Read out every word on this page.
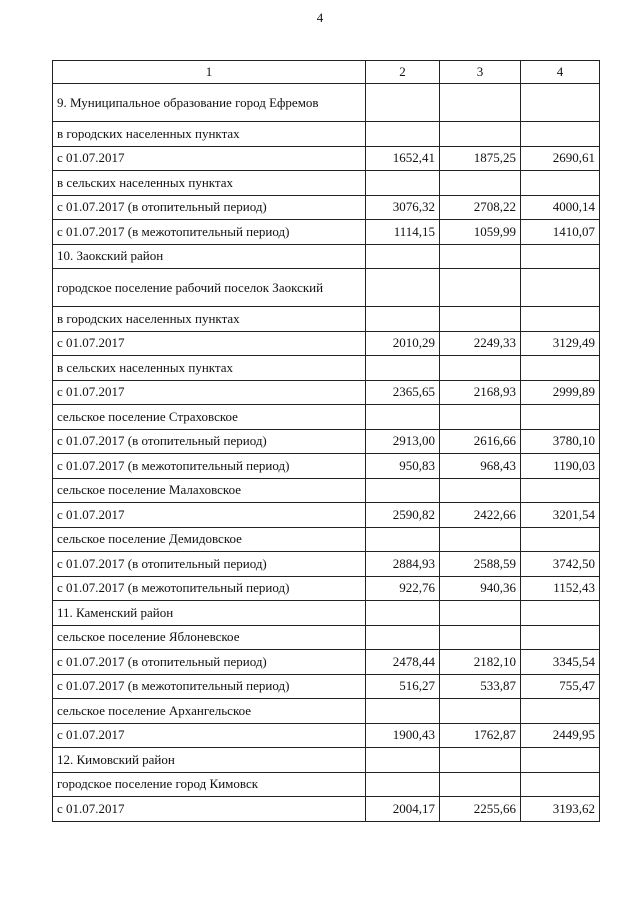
4
1	2	3	4
9. Муниципальное образование город Ефремов			
в городских населенных пунктах			
с 01.07.2017	1652,41	1875,25	2690,61
в сельских населенных пунктах			
с 01.07.2017 (в отопительный период)	3076,32	2708,22	4000,14
с 01.07.2017 (в межотопительный период)	1114,15	1059,99	1410,07
10. Заокский район			
городское поселение рабочий поселок Заокский			
в городских населенных пунктах			
с 01.07.2017	2010,29	2249,33	3129,49
в сельских населенных пунктах			
с 01.07.2017	2365,65	2168,93	2999,89
сельское поселение Страховское			
с 01.07.2017 (в отопительный период)	2913,00	2616,66	3780,10
с 01.07.2017 (в межотопительный период)	950,83	968,43	1190,03
сельское поселение Малаховское			
с 01.07.2017	2590,82	2422,66	3201,54
сельское поселение Демидовское			
с 01.07.2017 (в отопительный период)	2884,93	2588,59	3742,50
с 01.07.2017 (в межотопительный период)	922,76	940,36	1152,43
11. Каменский район			
сельское поселение Яблоневское			
с 01.07.2017 (в отопительный период)	2478,44	2182,10	3345,54
с 01.07.2017 (в межотопительный период)	516,27	533,87	755,47
сельское поселение Архангельское			
с 01.07.2017	1900,43	1762,87	2449,95
12. Кимовский район			
городское поселение город Кимовск			
с 01.07.2017	2004,17	2255,66	3193,62
